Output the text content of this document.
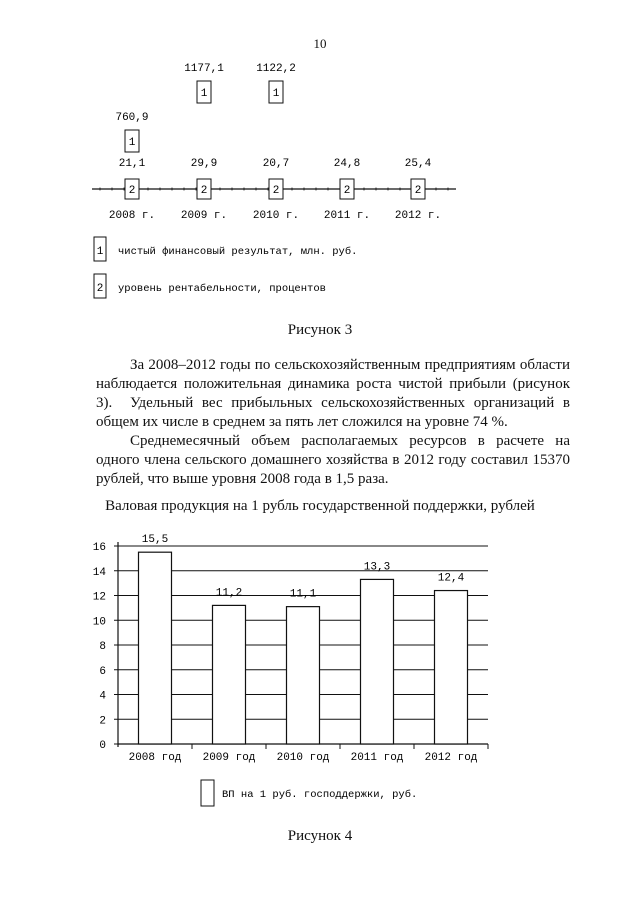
10
2
21,1
2008 г.
1
760,9
2
29,9
2009 г.
1
1177,1
2
20,7
2010 г.
1
1122,2
2
24,8
2011 г.
2
25,4
2012 г.
1 чистый финансовый результат, млн. руб.
2 уровень рентабельности, процентов
Рисунок 3
За 2008–2012 годы по сельскохозяйственным предприятиям области наблюдается положительная динамика роста чистой прибыли (рисунок 3).	Удельный вес прибыльных сельскохозяйственных организаций в общем их числе в среднем за пять лет сложился на уровне 74 %.
Среднемесячный объем располагаемых ресурсов в расчете на одного члена сельского домашнего хозяйства в 2012 году составил 15370 рублей, что выше уровня 2008 года в 1,5 раза.
Валовая продукция на 1 рубль государственной поддержки, рублей
0
2
4
6
8
10
12
14
16
15,5
2008 год
11,2
2009 год
11,1
2010 год
13,3
2011 год
12,4
2012 год
ВП на 1 руб. господдержки, руб.
Рисунок 4
